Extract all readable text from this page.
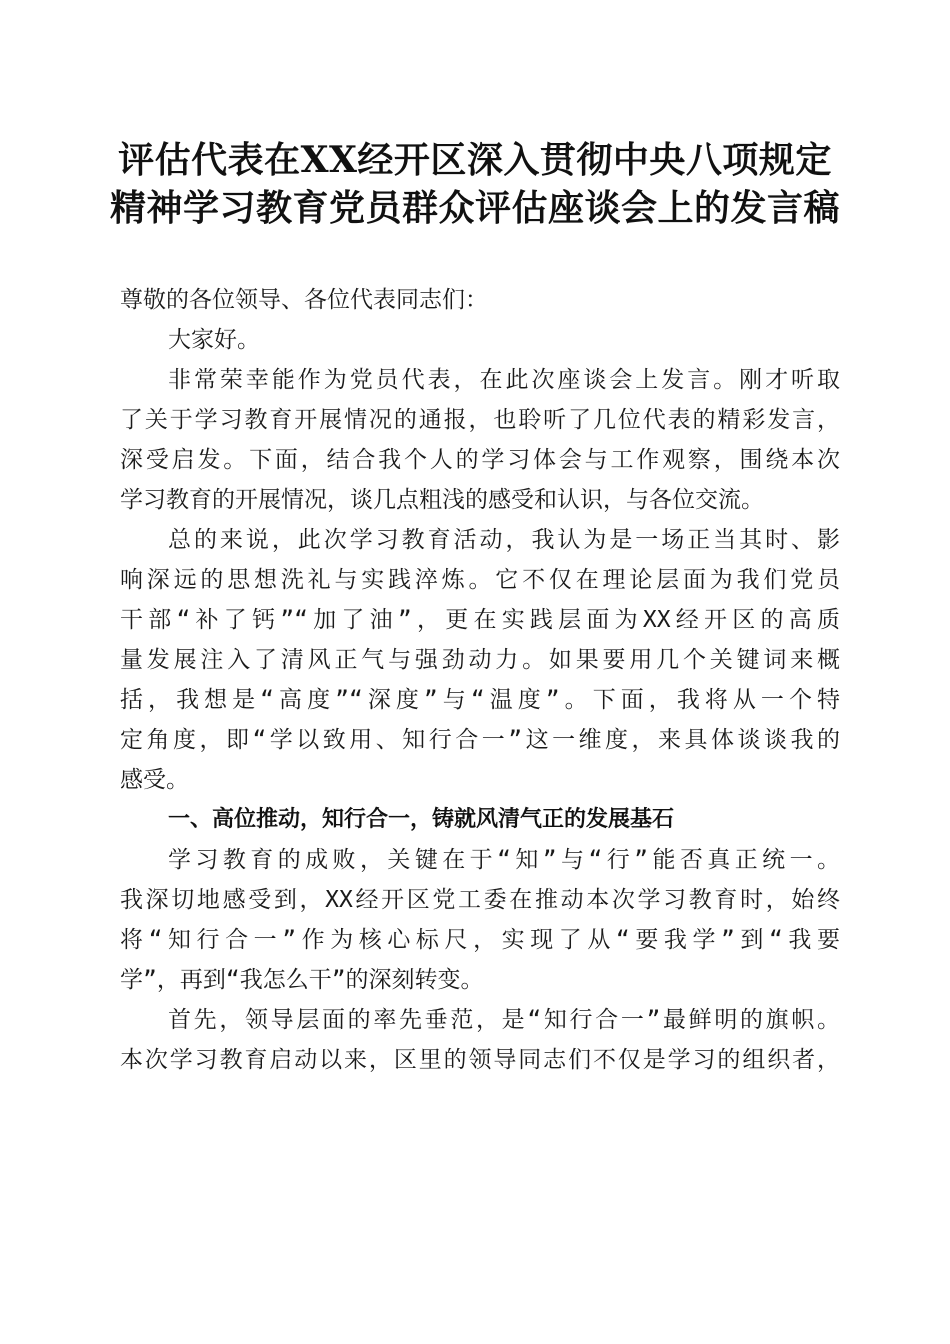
评估代表在XX经开区深入贯彻中央八项规定
精神学习教育党员群众评估座谈会上的发言稿
尊敬的各位领导、各位代表同志们：
大家好。
非常荣幸能作为党员代表，在此次座谈会上发言。刚才听取
了关于学习教育开展情况的通报，也聆听了几位代表的精彩发言，
深受启发。下面，结合我个人的学习体会与工作观察，围绕本次
学习教育的开展情况，谈几点粗浅的感受和认识，与各位交流。
总的来说，此次学习教育活动，我认为是一场正当其时、影
响深远的思想洗礼与实践淬炼。它不仅在理论层面为我们党员
干部“补了钙”“加了油”，更在实践层面为XX经开区的高质
量发展注入了清风正气与强劲动力。如果要用几个关键词来概
括，我想是“高度”“深度”与“温度”。下面，我将从一个特
定角度，即“学以致用、知行合一”这一维度，来具体谈谈我的
感受。
一、高位推动，知行合一，铸就风清气正的发展基石
学习教育的成败，关键在于“知”与“行”能否真正统一。
我深切地感受到，XX经开区党工委在推动本次学习教育时，始终
将“知行合一”作为核心标尺，实现了从“要我学”到“我要
学”，再到“我怎么干”的深刻转变。
首先，领导层面的率先垂范，是“知行合一”最鲜明的旗帜。
本次学习教育启动以来，区里的领导同志们不仅是学习的组织者，
